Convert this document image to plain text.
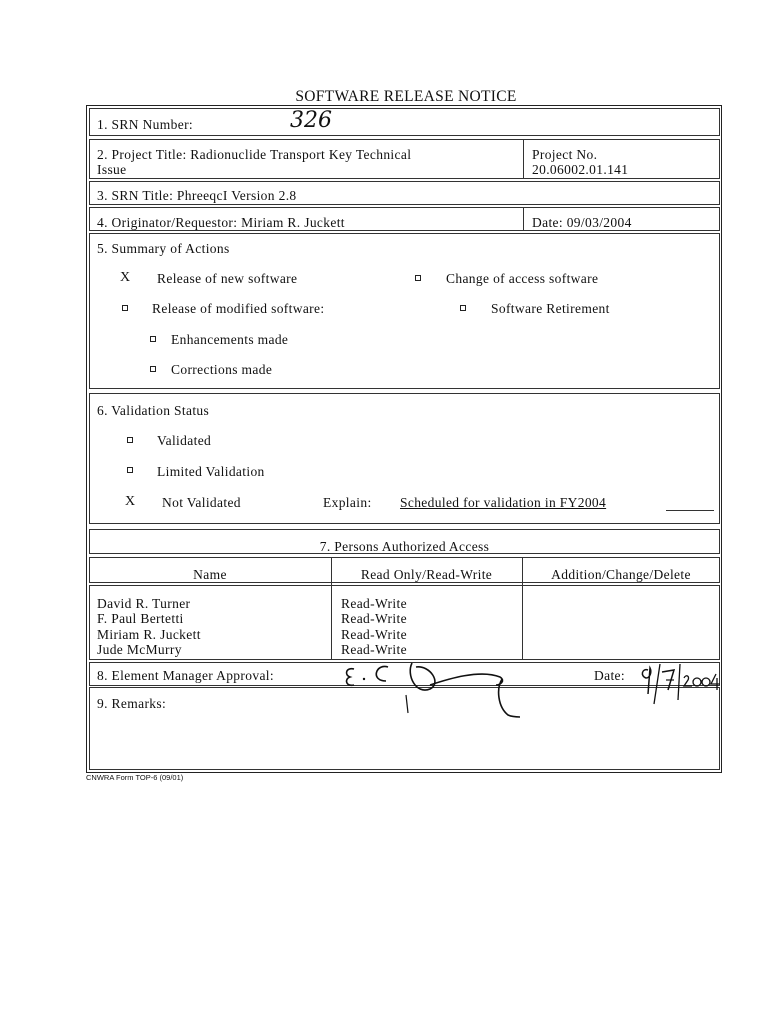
SOFTWARE RELEASE NOTICE
1. SRN Number:	326
2. Project Title: Radionuclide Transport Key Technical
Issue
Project No.
20.06002.01.141
3. SRN Title: PhreeqcI Version 2.8
4. Originator/Requestor: Miriam R. Juckett	Date: 09/03/2004
5. Summary of Actions
X Release of new software	Change of access software
Release of modified software:	Software Retirement
Enhancements made
Corrections made
6. Validation Status
Validated
Limited Validation
X Not Validated	Explain: Scheduled for validation in FY2004
7. Persons Authorized Access
Name	Read Only/Read-Write	Addition/Change/Delete
David R. Turner	Read-Write
F. Paul Bertetti	Read-Write
Miriam R. Juckett	Read-Write
Jude McMurry	Read-Write
8. Element Manager Approval:	Date:
9. Remarks:
CNWRA Form TOP-6 (09/01)
